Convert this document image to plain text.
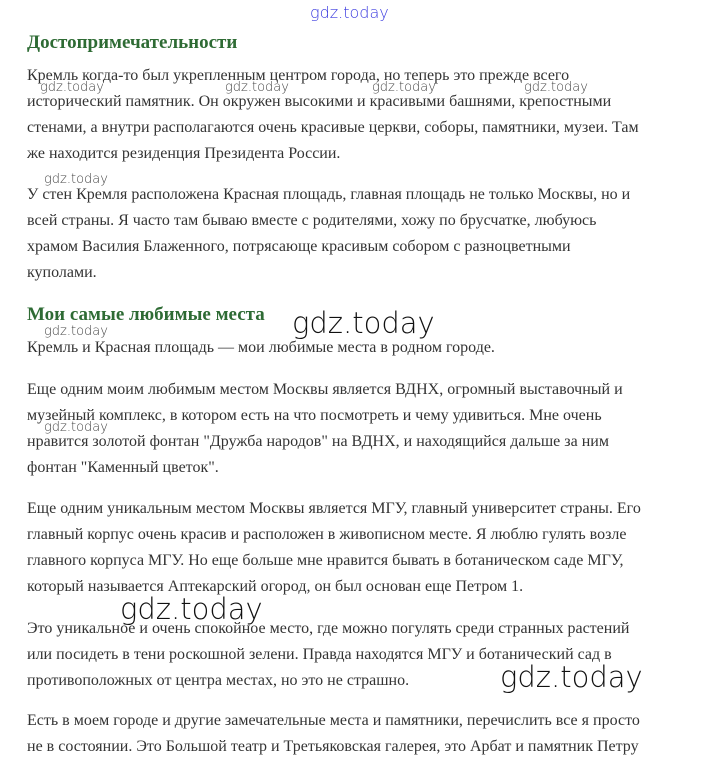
Достопримечательности
Кремль когда-то был укрепленным центром города, но теперь это прежде всего
исторический памятник. Он окружен высокими и красивыми башнями, крепостными
стенами, а внутри располагаются очень красивые церкви, соборы, памятники, музеи. Там
же находится резиденция Президента России.
У стен Кремля расположена Красная площадь, главная площадь не только Москвы, но и
всей страны. Я часто там бываю вместе с родителями, хожу по брусчатке, любуюсь
храмом Василия Блаженного, потрясающе красивым собором с разноцветными
куполами.
Мои самые любимые места
Кремль и Красная площадь — мои любимые места в родном городе.
Еще одним моим любимым местом Москвы является ВДНХ, огромный выставочный и
музейный комплекс, в котором есть на что посмотреть и чему удивиться. Мне очень
нравится золотой фонтан "Дружба народов" на ВДНХ, и находящийся дальше за ним
фонтан "Каменный цветок".
Еще одним уникальным местом Москвы является МГУ, главный университет страны. Его
главный корпус очень красив и расположен в живописном месте. Я люблю гулять возле
главного корпуса МГУ. Но еще больше мне нравится бывать в ботаническом саде МГУ,
который называется Аптекарский огород, он был основан еще Петром 1.
Это уникальное и очень спокойное место, где можно погулять среди странных растений
или посидеть в тени роскошной зелени. Правда находятся МГУ и ботанический сад в
противоположных от центра местах, но это не страшно.
Есть в моем городе и другие замечательные места и памятники, перечислить все я просто
не в состоянии. Это Большой театр и Третьяковская галерея, это Арбат и памятник Петру
gdz.today
gdz.today	gdz.today	gdz.today	gdz.today
gdz.today
gdz.today
gdz.today
gdz.today
gdz.today
gdz.today
